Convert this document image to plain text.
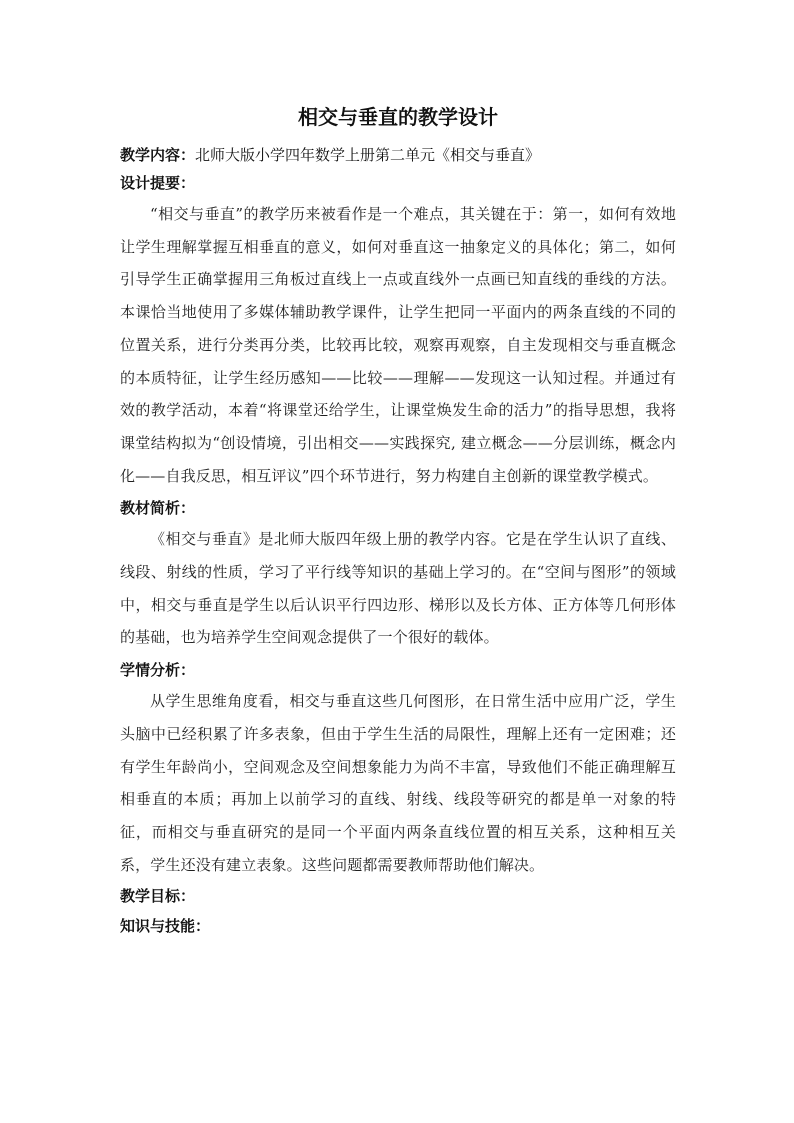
相交与垂直的教学设计

教学内容：北师大版小学四年数学上册第二单元《相交与垂直》

设计提要：

“相交与垂直”的教学历来被看作是一个难点，其关键在于：第一，如何有效地让学生理解掌握互相垂直的意义，如何对垂直这一抽象定义的具体化；第二，如何引导学生正确掌握用三角板过直线上一点或直线外一点画已知直线的垂线的方法。本课恰当地使用了多媒体辅助教学课件，让学生把同一平面内的两条直线的不同的位置关系，进行分类再分类，比较再比较，观察再观察，自主发现相交与垂直概念的本质特征，让学生经历感知——比较——理解——发现这一认知过程。并通过有效的教学活动，本着“将课堂还给学生，让课堂焕发生命的活力”的指导思想，我将课堂结构拟为“创设情境，引出相交——实践探究, 建立概念——分层训练，概念内化——自我反思，相互评议”四个环节进行，努力构建自主创新的课堂教学模式。

教材简析：

《相交与垂直》是北师大版四年级上册的教学内容。它是在学生认识了直线、线段、射线的性质，学习了平行线等知识的基础上学习的。在“空间与图形”的领域中，相交与垂直是学生以后认识平行四边形、梯形以及长方体、正方体等几何形体的基础，也为培养学生空间观念提供了一个很好的载体。

学情分析：

从学生思维角度看，相交与垂直这些几何图形，在日常生活中应用广泛，学生头脑中已经积累了许多表象，但由于学生生活的局限性，理解上还有一定困难；还有学生年龄尚小，空间观念及空间想象能力为尚不丰富，导致他们不能正确理解互相垂直的本质；再加上以前学习的直线、射线、线段等研究的都是单一对象的特征，而相交与垂直研究的是同一个平面内两条直线位置的相互关系，这种相互关系，学生还没有建立表象。这些问题都需要教师帮助他们解决。

教学目标：
知识与技能：
